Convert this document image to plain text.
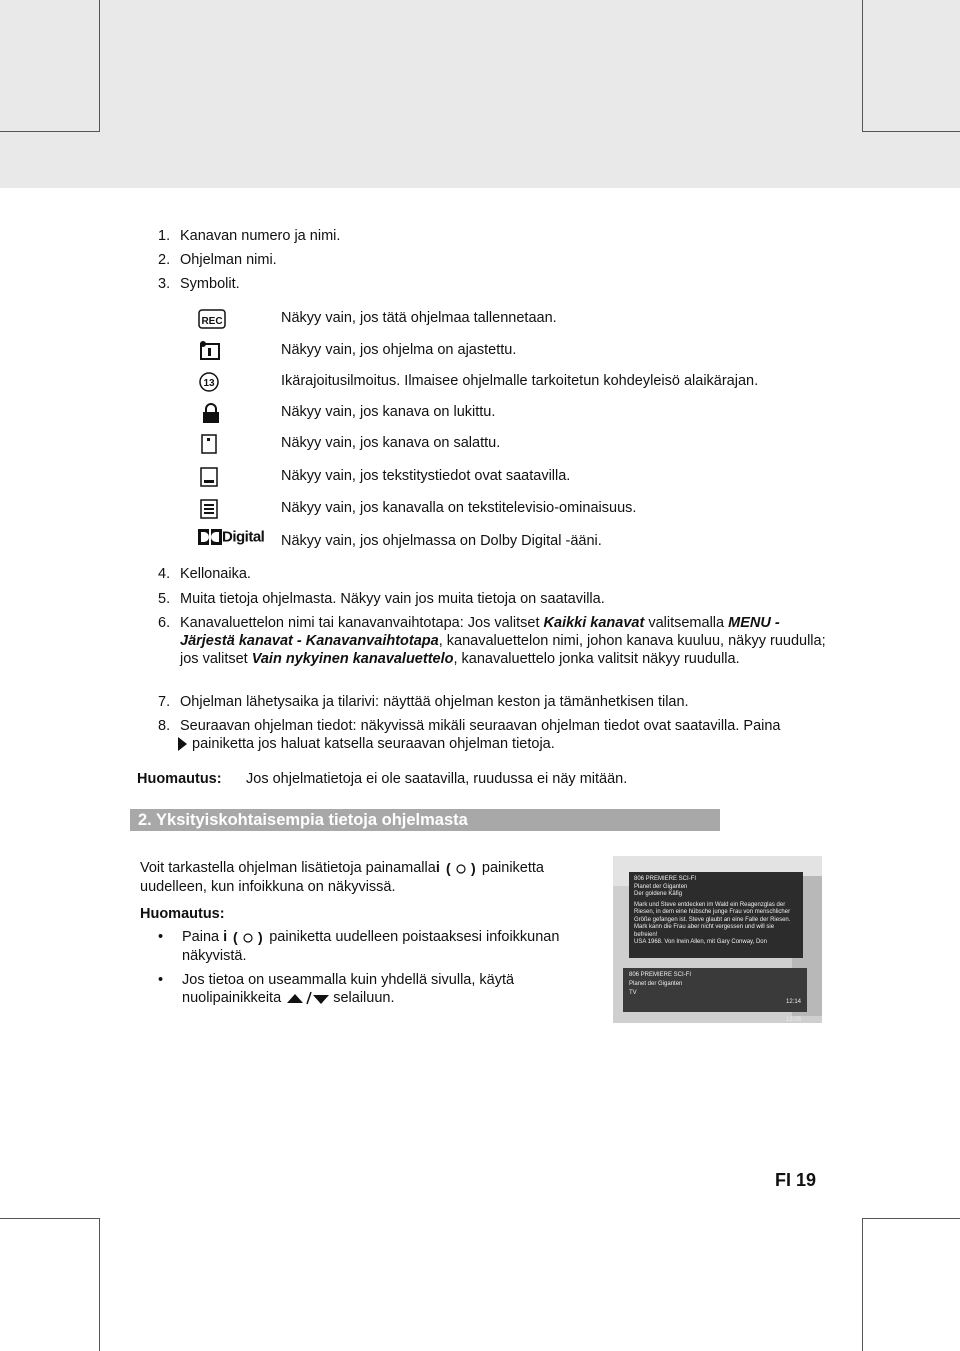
1. Kanavan numero ja nimi.
2. Ohjelman nimi.
3. Symbolit.
REC	Näkyy vain, jos tätä ohjelmaa tallennetaan.
Näkyy vain, jos ohjelma on ajastettu.
13	Ikärajoitusilmoitus. Ilmaisee ohjelmalle tarkoitetun kohdeyleisö alaikärajan.
Näkyy vain, jos kanava on lukittu.
Näkyy vain, jos kanava on salattu.
Näkyy vain, jos tekstitystiedot ovat saatavilla.
Näkyy vain, jos kanavalla on tekstitelevisio-ominaisuus.
Digital Näkyy vain, jos ohjelmassa on Dolby Digital -ääni.
4. Kellonaika.
5. Muita tietoja ohjelmasta. Näkyy vain jos muita tietoja on saatavilla.
6. Kanavaluettelon nimi tai kanavanvaihtotapa: Jos valitset Kaikki kanavat valitsemalla MENU - Järjestä kanavat - Kanavanvaihtotapa, kanavaluettelon nimi, johon kanava kuuluu, näkyy ruudulla; jos valitset Vain nykyinen kanavaluettelo, kanavaluettelo jonka valitsit näkyy ruudulla.
7. Ohjelman lähetysaika ja tilarivi: näyttää ohjelman keston ja tämänhetkisen tilan.
8. Seuraavan ohjelman tiedot: näkyvissä mikäli seuraavan ohjelman tiedot ovat saatavilla. Paina
painiketta jos haluat katsella seuraavan ohjelman tietoja.
Huomautus: Jos ohjelmatietoja ei ole saatavilla, ruudussa ei näy mitään.
2. Yksityiskohtaisempia tietoja ohjelmasta
Voit tarkastella ohjelman lisätietoja painamallai ( ) painiketta
uudelleen, kun infoikkuna on näkyvissä.
Huomautus:
• Paina i ( ) painiketta uudelleen poistaaksesi infoikkunan
näkyvistä.
• Jos tietoa on useammalla kuin yhdellä sivulla, käytä
nuolipainikkeita	selailuun.
806 PREMIERE SCI-FI
Planet der Giganten
Der goldene Käfig
Mark und Steve entdecken im Wald ein Reagenzglas der Riesen, in dem eine hübsche junge Frau von menschlicher Größe gefangen ist. Steve glaubt an eine Falle der Riesen. Mark kann die Frau aber nicht vergessen und will sie befreien!
USA 1968. Von Irwin Allen, mit Gary Conway, Don
806 PREMIERE SCI-FI
Planet der Giganten
TV
12:14

13:05
FI 19
